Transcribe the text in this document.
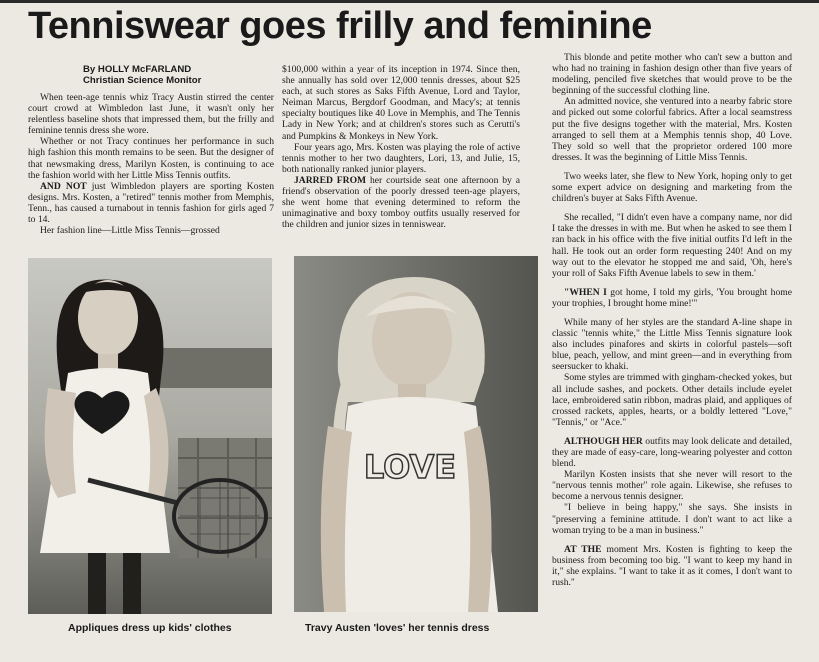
Tenniswear goes frilly and feminine
By HOLLY McFARLAND
Christian Science Monitor

When teen-age tennis whiz Tracy Austin stirred the center court crowd at Wimbledon last June, it wasn't only her relentless baseline shots that impressed them, but the frilly and feminine tennis dress she wore.

Whether or not Tracy continues her performance in such high fashion this month remains to be seen. But the designer of that newsmaking dress, Marilyn Kosten, is continuing to ace the fashion world with her Little Miss Tennis outfits.

AND NOT just Wimbledon players are sporting Kosten designs. Mrs. Kosten, a "retired" tennis mother from Memphis, Tenn., has caused a turnabout in tennis fashion for girls aged 7 to 14.

Her fashion line—Little Miss Tennis—grossed

$100,000 within a year of its inception in 1974. Since then, she annually has sold over 12,000 tennis dresses, about $25 each, at such stores as Saks Fifth Avenue, Lord and Taylor, Neiman Marcus, Bergdorf Goodman, and Macy's; at tennis specialty boutiques like 40 Love in Memphis, and The Tennis Lady in New York; and at children's stores such as Cerutti's and Pumpkins & Monkeys in New York.

Four years ago, Mrs. Kosten was playing the role of active tennis mother to her two daughters, Lori, 13, and Julie, 15, both nationally ranked junior players.

JARRED FROM her courtside seat one afternoon by a friend's observation of the poorly dressed teen-age players, she went home that evening determined to reform the unimaginative and boxy tomboy outfits usually reserved for the children and junior sizes in tenniswear.

This blonde and petite mother who can't sew a button and who had no training in fashion design other than five years of modeling, penciled five sketches that would prove to be the beginning of the successful clothing line.

An admitted novice, she ventured into a nearby fabric store and picked out some colorful fabrics. After a local seamstress put the five designs together with the material, Mrs. Kosten arranged to sell them at a Memphis tennis shop, 40 Love. They sold so well that the proprietor ordered 100 more dresses. It was the beginning of Little Miss Tennis.

Two weeks later, she flew to New York, hoping only to get some expert advice on designing and marketing from the children's buyer at Saks Fifth Avenue.

She recalled, "I didn't even have a company name, nor did I take the dresses in with me. But when he asked to see them I ran back in his office with the five initial outfits I'd left in the hall. He took out an order form requesting 240! And on my way out to the elevator he stopped me and said, 'Oh, here's your roll of Saks Fifth Avenue labels to sew in them.'

"WHEN I got home, I told my girls, 'You brought home your trophies, I brought home mine!'"

While many of her styles are the standard A-line shape in classic "tennis white," the Little Miss Tennis signature look also includes pinafores and skirts in colorful pastels—soft blue, peach, yellow, and mint green—and in everything from seersucker to khaki.

Some styles are trimmed with gingham-checked yokes, but all include sashes, and pockets. Other details include eyelet lace, embroidered satin ribbon, madras plaid, and appliques of crossed rackets, apples, hearts, or a boldly lettered "Love," "Tennis," or "Ace."

ALTHOUGH HER outfits may look delicate and detailed, they are made of easy-care, long-wearing polyester and cotton blend.

Marilyn Kosten insists that she never will resort to the "nervous tennis mother" role again. Likewise, she refuses to become a nervous tennis designer.

"I believe in being happy," she says. She insists in "preserving a feminine attitude. I don't want to act like a woman trying to be a man in business."

AT THE moment Mrs. Kosten is fighting to keep the business from becoming too big. "I want to keep my hand in it," she explains. "I want to take it as it comes, I don't want to rush."

Appliques dress up kids' clothes
LOVE
Travy Austen 'loves' her tennis dress
